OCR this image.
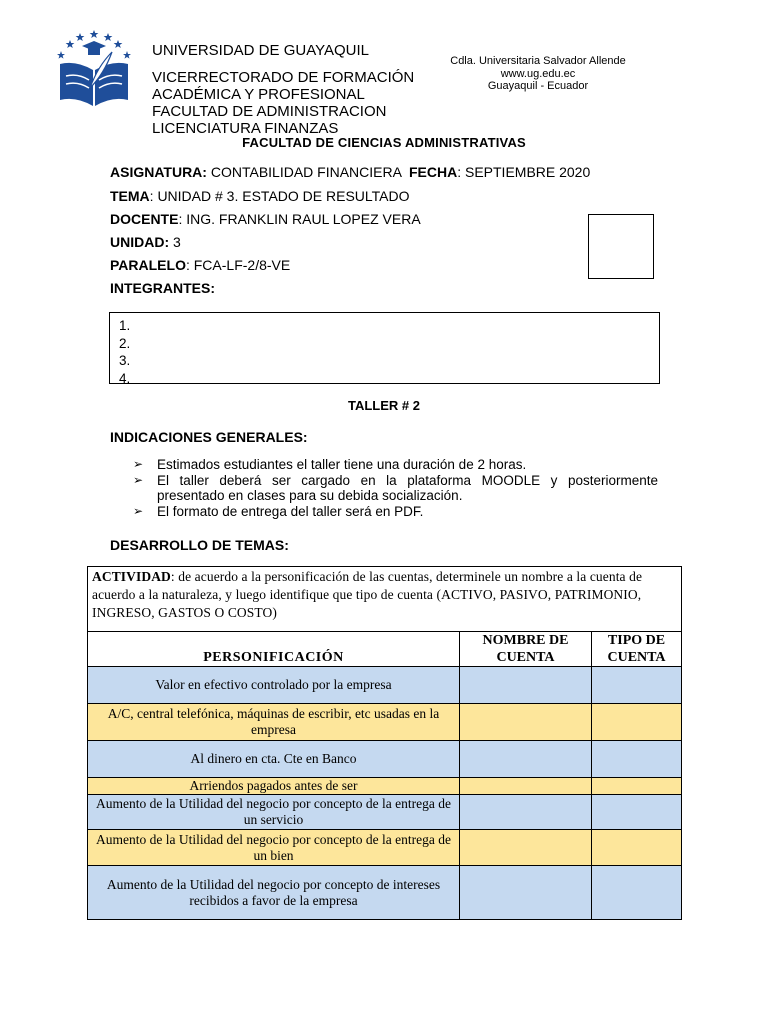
UNIVERSIDAD DE GUAYAQUIL
VICERRECTORADO DE FORMACIÓN
ACADÉMICA Y PROFESIONAL
FACULTAD DE ADMINISTRACION
LICENCIATURA FINANZAS
Cdla. Universitaria Salvador Allende
www.ug.edu.ec
Guayaquil - Ecuador
FACULTAD DE CIENCIAS ADMINISTRATIVAS
ASIGNATURA: CONTABILIDAD FINANCIERA FECHA: SEPTIEMBRE 2020
TEMA: UNIDAD # 3. ESTADO DE RESULTADO
DOCENTE: ING. FRANKLIN RAUL LOPEZ VERA
UNIDAD: 3
PARALELO: FCA-LF-2/8-VE
INTEGRANTES:
1.
2.
3.
4.
TALLER # 2
INDICACIONES GENERALES:
➢ Estimados estudiantes el taller tiene una duración de 2 horas.
➢ El taller deberá ser cargado en la plataforma MOODLE y posteriormente presentado en clases para su debida socialización.
➢ El formato de entrega del taller será en PDF.
DESARROLLO DE TEMAS:
ACTIVIDAD: de acuerdo a la personificación de las cuentas, determinele un nombre a la cuenta de acuerdo a la naturaleza, y luego identifique que tipo de cuenta (ACTIVO, PASIVO, PATRIMONIO, INGRESO, GASTOS O COSTO)		
PERSONIFICACIÓN	NOMBRE DE CUENTA	TIPO DE CUENTA
Valor en efectivo controlado por la empresa		
A/C, central telefónica, máquinas de escribir, etc usadas en la empresa		
Al dinero en cta. Cte en Banco		
Arriendos pagados antes de ser		
Aumento de la Utilidad del negocio por concepto de la entrega de un servicio		
Aumento de la Utilidad del negocio por concepto de la entrega de un bien		
Aumento de la Utilidad del negocio por concepto de intereses recibidos a favor de la empresa		
